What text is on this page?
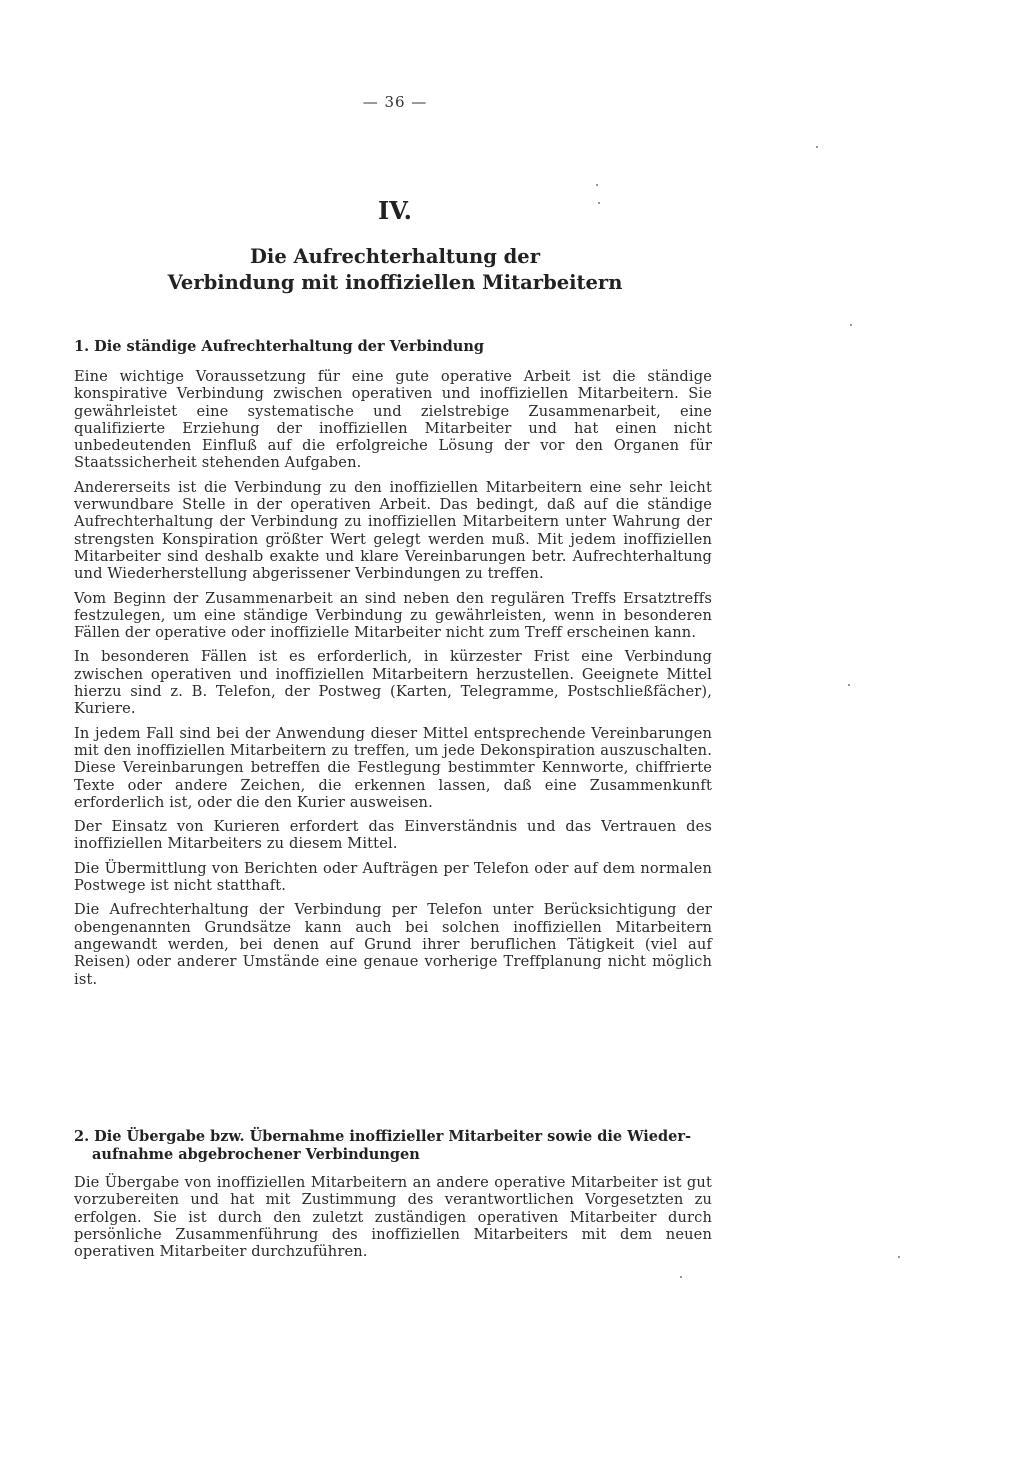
— 36 —
IV.
Die Aufrechterhaltung der
Verbindung mit inoffiziellen Mitarbeitern
1. Die ständige Aufrechterhaltung der Verbindung

Eine wichtige Voraussetzung für eine gute operative Arbeit ist die ständige konspirative Verbindung zwischen operativen und inoffiziellen Mitarbeitern. Sie gewährleistet eine systematische und zielstrebige Zusammenarbeit, eine qualifizierte Erziehung der inoffiziellen Mitarbeiter und hat einen nicht unbedeutenden Einfluß auf die erfolgreiche Lösung der vor den Organen für Staatssicherheit stehenden Aufgaben.

Andererseits ist die Verbindung zu den inoffiziellen Mitarbeitern eine sehr leicht verwundbare Stelle in der operativen Arbeit. Das bedingt, daß auf die ständige Aufrechterhaltung der Verbindung zu inoffiziellen Mitarbeitern unter Wahrung der strengsten Konspiration größter Wert gelegt werden muß. Mit jedem inoffiziellen Mitarbeiter sind deshalb exakte und klare Vereinbarungen betr. Aufrechterhaltung und Wiederherstellung abgerissener Verbindungen zu treffen.

Vom Beginn der Zusammenarbeit an sind neben den regulären Treffs Ersatztreffs festzulegen, um eine ständige Verbindung zu gewährleisten, wenn in besonderen Fällen der operative oder inoffizielle Mitarbeiter nicht zum Treff erscheinen kann.

In besonderen Fällen ist es erforderlich, in kürzester Frist eine Verbindung zwischen operativen und inoffiziellen Mitarbeitern herzustellen. Geeignete Mittel hierzu sind z. B. Telefon, der Postweg (Karten, Telegramme, Postschließfächer), Kuriere.

In jedem Fall sind bei der Anwendung dieser Mittel entsprechende Vereinbarungen mit den inoffiziellen Mitarbeitern zu treffen, um jede Dekonspiration auszuschalten. Diese Vereinbarungen betreffen die Festlegung bestimmter Kennworte, chiffrierte Texte oder andere Zeichen, die erkennen lassen, daß eine Zusammenkunft erforderlich ist, oder die den Kurier ausweisen.

Der Einsatz von Kurieren erfordert das Einverständnis und das Vertrauen des inoffiziellen Mitarbeiters zu diesem Mittel.

Die Übermittlung von Berichten oder Aufträgen per Telefon oder auf dem normalen Postwege ist nicht statthaft.

Die Aufrechterhaltung der Verbindung per Telefon unter Berücksichtigung der obengenannten Grundsätze kann auch bei solchen inoffiziellen Mitarbeitern angewandt werden, bei denen auf Grund ihrer beruflichen Tätigkeit (viel auf Reisen) oder anderer Umstände eine genaue vorherige Treffplanung nicht möglich ist.

2. Die Übergabe bzw. Übernahme inoffizieller Mitarbeiter sowie die Wieder-
aufnahme abgebrochener Verbindungen

Die Übergabe von inoffiziellen Mitarbeitern an andere operative Mitarbeiter ist gut vorzubereiten und hat mit Zustimmung des verantwortlichen Vorgesetzten zu erfolgen. Sie ist durch den zuletzt zuständigen operativen Mitarbeiter durch persönliche Zusammenführung des inoffiziellen Mitarbeiters mit dem neuen operativen Mitarbeiter durchzuführen.
